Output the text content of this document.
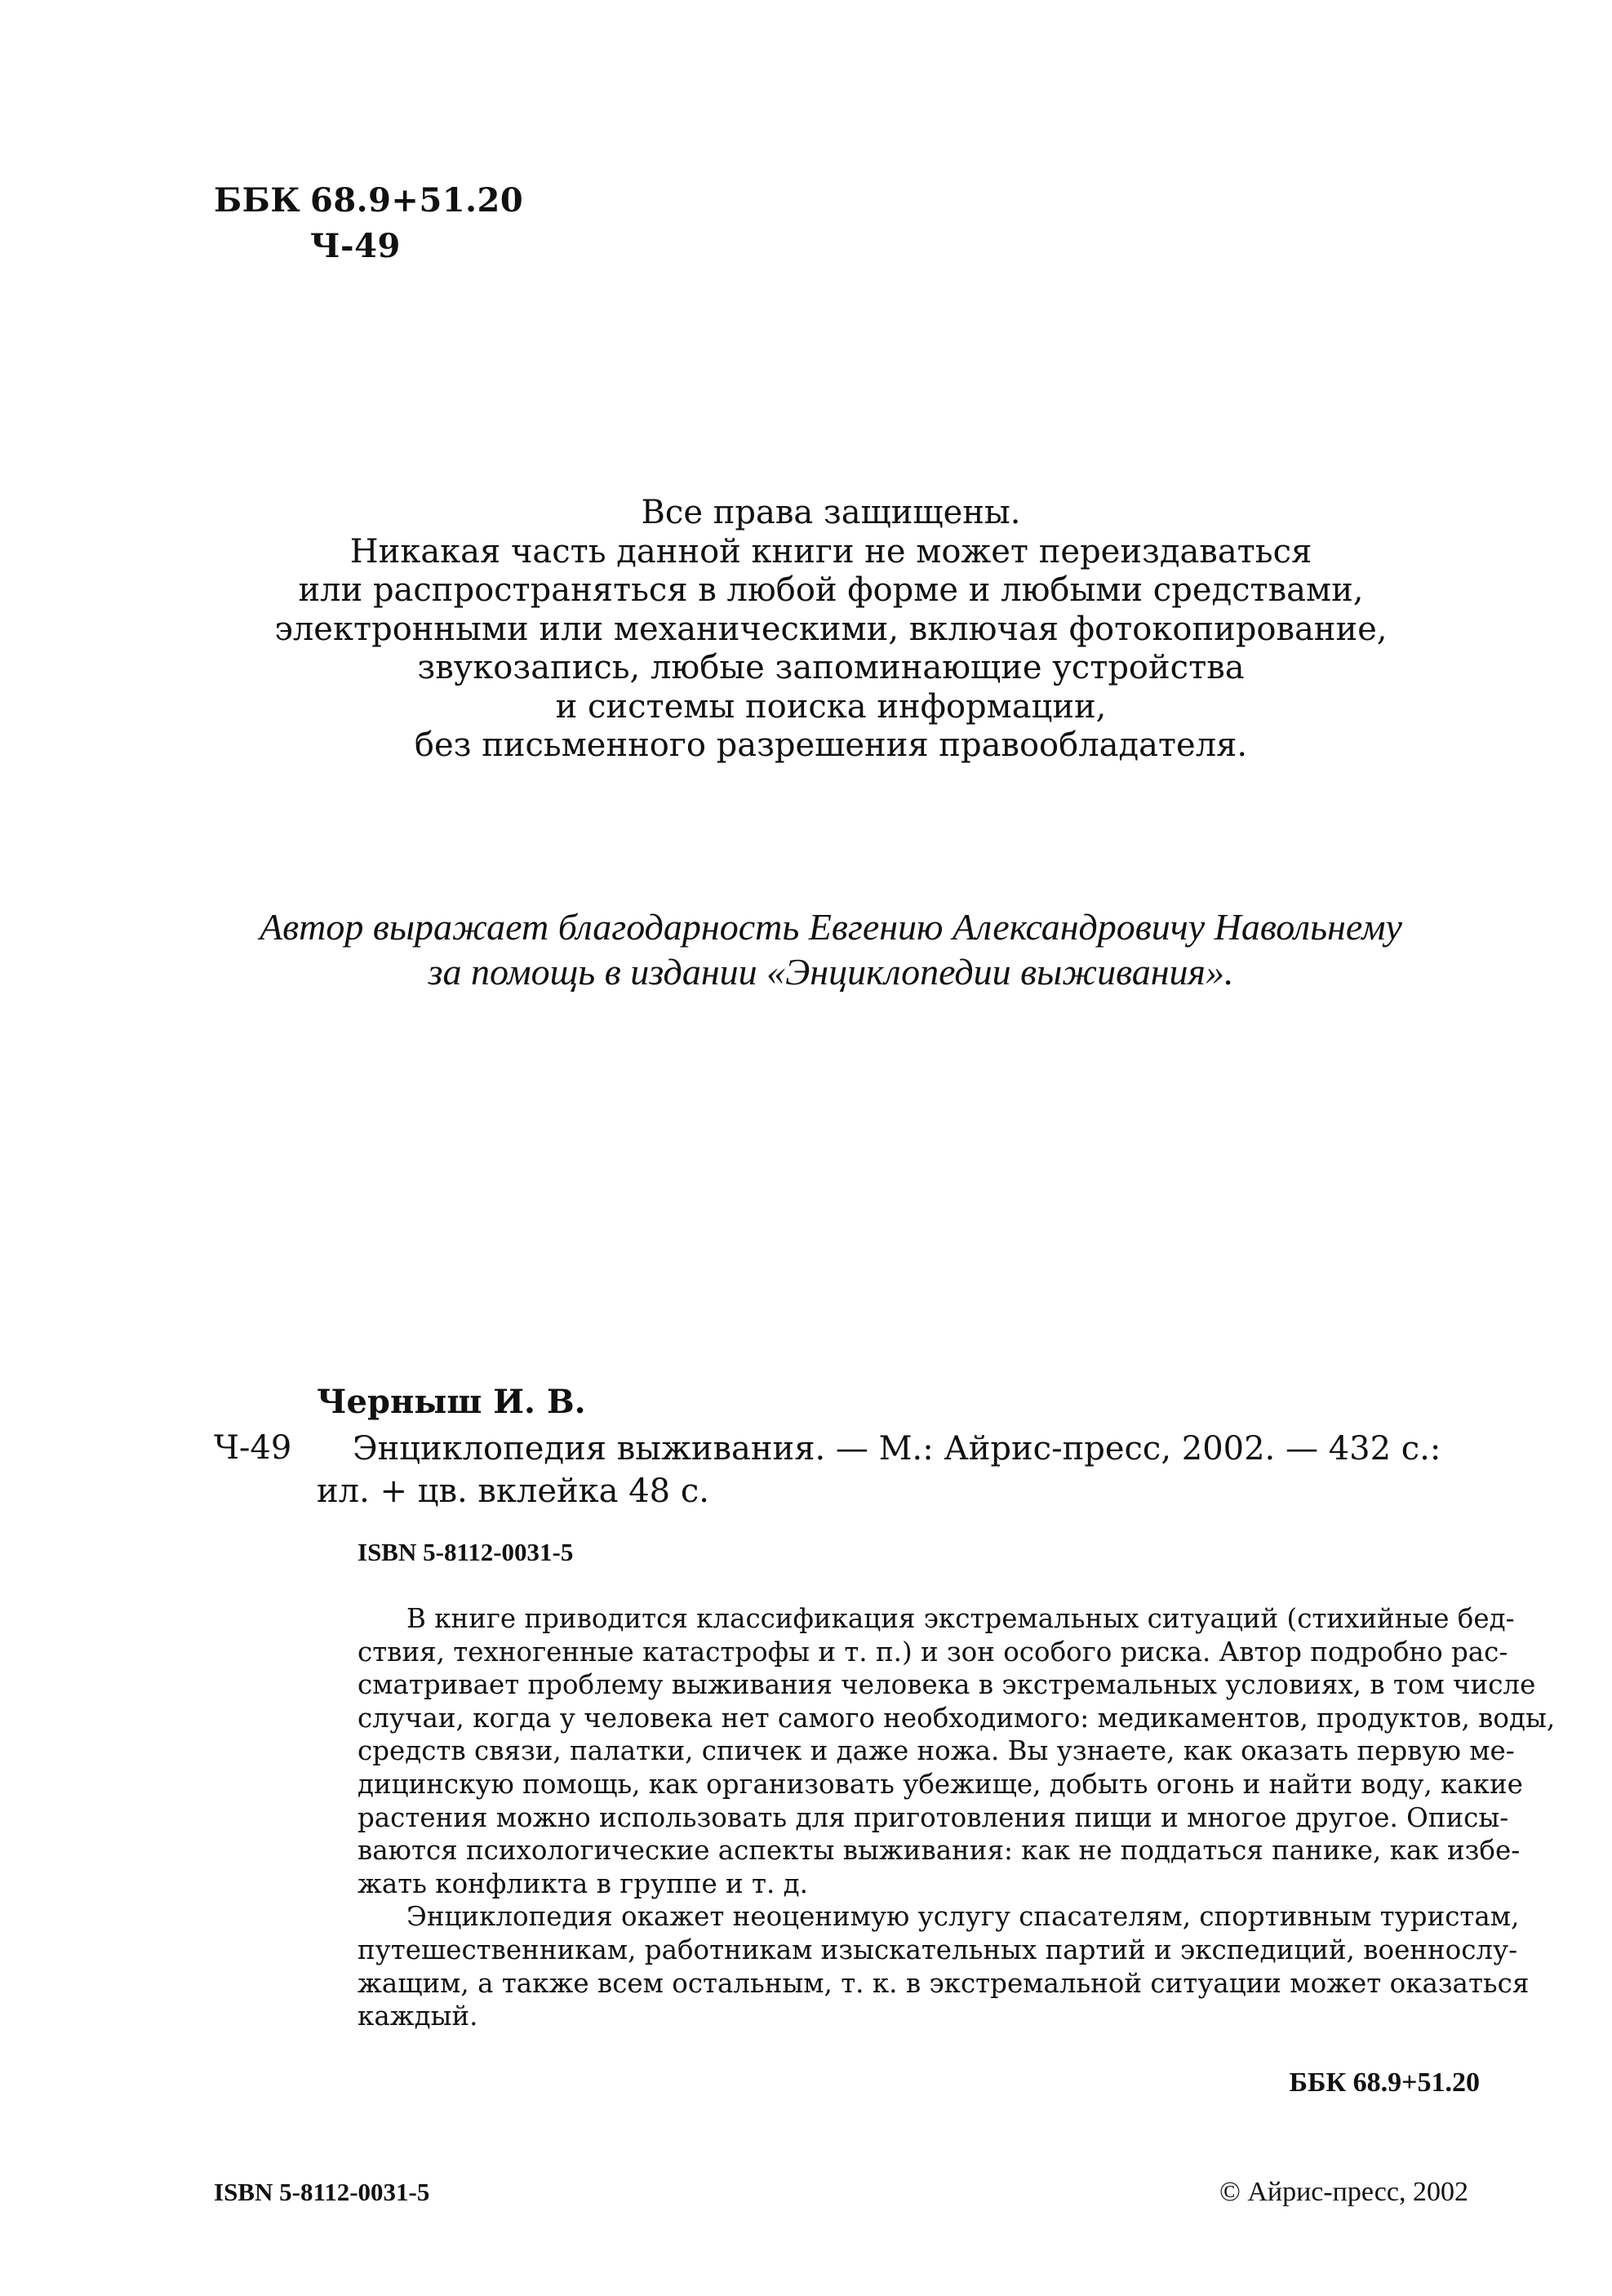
ББК 68.9+51.20
Ч-49
Все права защищены.
Никакая часть данной книги не может переиздаваться
или распространяться в любой форме и любыми средствами,
электронными или механическими, включая фотокопирование,
звукозапись, любые запоминающие устройства
и системы поиска информации,
без письменного разрешения правообладателя.
Автор выражает благодарность Евгению Александровичу Навольнему
за помощь в издании «Энциклопедии выживания».
Черныш И. В.
Ч-49 Энциклопедия выживания. — М.: Айрис-пресс, 2002. — 432 с.:
ил. + цв. вклейка 48 с.
ISBN 5-8112-0031-5
В книге приводится классификация экстремальных ситуаций (стихийные бед-
ствия, техногенные катастрофы и т. п.) и зон особого риска. Автор подробно рас-
сматривает проблему выживания человека в экстремальных условиях, в том числе
случаи, когда у человека нет самого необходимого: медикаментов, продуктов, воды,
средств связи, палатки, спичек и даже ножа. Вы узнаете, как оказать первую ме-
дицинскую помощь, как организовать убежище, добыть огонь и найти воду, какие
растения можно использовать для приготовления пищи и многое другое. Описы-
ваются психологические аспекты выживания: как не поддаться панике, как избе-
жать конфликта в группе и т. д.
Энциклопедия окажет неоценимую услугу спасателям, спортивным туристам,
путешественникам, работникам изыскательных партий и экспедиций, военнослу-
жащим, а также всем остальным, т. к. в экстремальной ситуации может оказаться
каждый.
ББК 68.9+51.20
ISBN 5-8112-0031-5	© Айрис-пресс, 2002
